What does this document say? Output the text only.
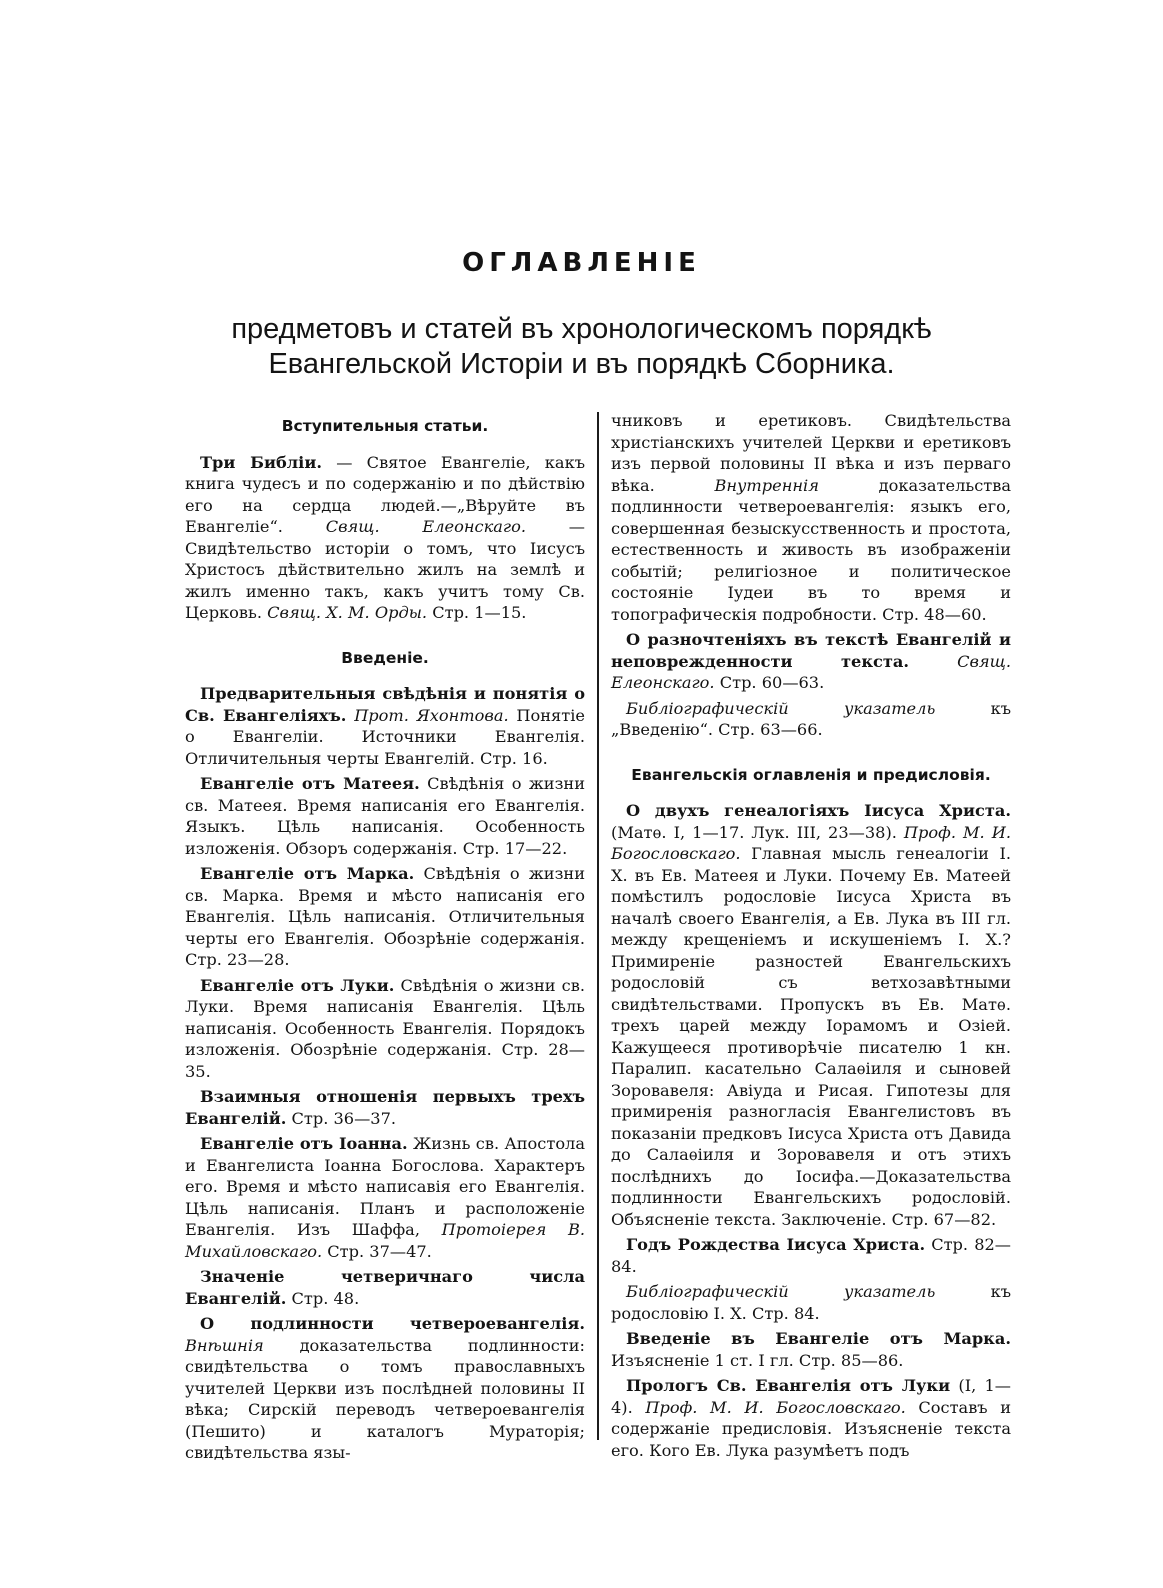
ОГЛАВЛЕНІЕ
предметовъ и статей въ хронологическомъ порядкѣ
Евангельской Исторіи и въ порядкѣ Сборника.
Вступительныя статьи.

Три Библіи. — Святое Евангеліе, какъ книга чудесъ и по содержанію и по дѣйствію его на сердца людей.—„Вѣруйте въ Евангеліе“. Свящ. Елеонскаго. — Свидѣтельство исторіи о томъ, что Іисусъ Христосъ дѣйствительно жилъ на землѣ и жилъ именно такъ, какъ учитъ тому Св. Церковь. Свящ. Х. М. Орды. Стр. 1—15.

Введеніе.

Предварительныя свѣдѣнія и понятія о Св. Евангеліяхъ. Прот. Яхонтова. Понятіе о Евангеліи. Источники Евангелія. Отличительныя черты Евангелій. Стр. 16.

Евангеліе отъ Матеея. Свѣдѣнія о жизни св. Матеея. Время написанія его Евангелія. Языкъ. Цѣль написанія. Особенность изложенія. Обзоръ содержанія. Стр. 17—22.

Евангеліе отъ Марка. Свѣдѣнія о жизни св. Марка. Время и мѣсто написанія его Евангелія. Цѣль написанія. Отличительныя черты его Евангелія. Обозрѣніе содержанія. Стр. 23—28.

Евангеліе отъ Луки. Свѣдѣнія о жизни св. Луки. Время написанія Евангелія. Цѣль написанія. Особенность Евангелія. Порядокъ изложенія. Обозрѣніе содержанія. Стр. 28—35.

Взаимныя отношенія первыхъ трехъ Евангелій. Стр. 36—37.

Евангеліе отъ Іоанна. Жизнь св. Апостола и Евангелиста Іоанна Богослова. Характеръ его. Время и мѣсто написавія его Евангелія. Цѣль написанія. Планъ и расположеніе Евангелія. Изъ Шаффа, Протоіерея В. Михайловскаго. Стр. 37—47.

Значеніе четверичнаго числа Евангелій. Стр. 48.

О подлинности четвероевангелія. Внѣшнія доказательства подлинности: свидѣтельства о томъ православныхъ учителей Церкви изъ послѣдней половины II вѣка; Сирскій переводъ четвероевангелія (Пешито) и каталогъ Мураторія; свидѣтельства язы-

чниковъ и еретиковъ. Свидѣтельства христіанскихъ учителей Церкви и еретиковъ изъ первой половины II вѣка и изъ перваго вѣка. Внутреннія доказательства подлинности четвероевангелія: языкъ его, совершенная безыскусственность и простота, естественность и живость въ изображеніи событій; религіозное и политическое состояніе Іудеи въ то время и топографическія подробности. Стр. 48—60.

О разночтеніяхъ въ текстѣ Евангелій и неповрежденности текста.	Свящ. Елеонскаго. Стр. 60—63.

Библіографическій указатель къ „Введенію“. Стр. 63—66.

Евангельскія оглавленія и предисловія.

О двухъ генеалогіяхъ Іисуса Христа. (Матѳ. I, 1—17. Лук. III, 23—38). Проф. М. И. Богословскаго. Главная мысль генеалогіи І. Х. въ Ев. Матеея и Луки. Почему Ев. Матеей помѣстилъ родословіе Іисуса Христа въ началѣ своего Евангелія, а Ев. Лука въ III гл. между крещеніемъ и искушеніемъ І. Х.? Примиреніе разностей Евангельскихъ родословій съ ветхозавѣтными свидѣтельствами. Пропускъ въ Ев. Матѳ. трехъ царей между Іорамомъ и Озіей. Кажущееся противорѣчіе писателю 1 кн. Паралип. касательно Салаѳіиля и сыновей Зоровавеля: Авіуда и Рисая. Гипотезы для примиренія разногласія Евангелистовъ въ показаніи предковъ Іисуса Христа отъ Давида до Салаѳіиля и Зоровавеля и отъ этихъ послѣднихъ до Іосифа.—Доказательства подлинности Евангельскихъ родословій. Объясненіе текста. Заключеніе. Стр. 67—82.

Годъ Рождества Іисуса Христа. Стр. 82—84.

Библіографическій указатель къ родословію І. Х. Стр. 84.

Введеніе въ Евангеліе отъ Марка. Изъясненіе 1 ст. I гл. Стр. 85—86.

Прологъ Св. Евангелія отъ Луки (I, 1—4). Проф. М. И. Богословскаго. Составъ и содержаніе предисловія. Изъясненіе текста его. Кого Ев. Лука разумѣетъ подъ
